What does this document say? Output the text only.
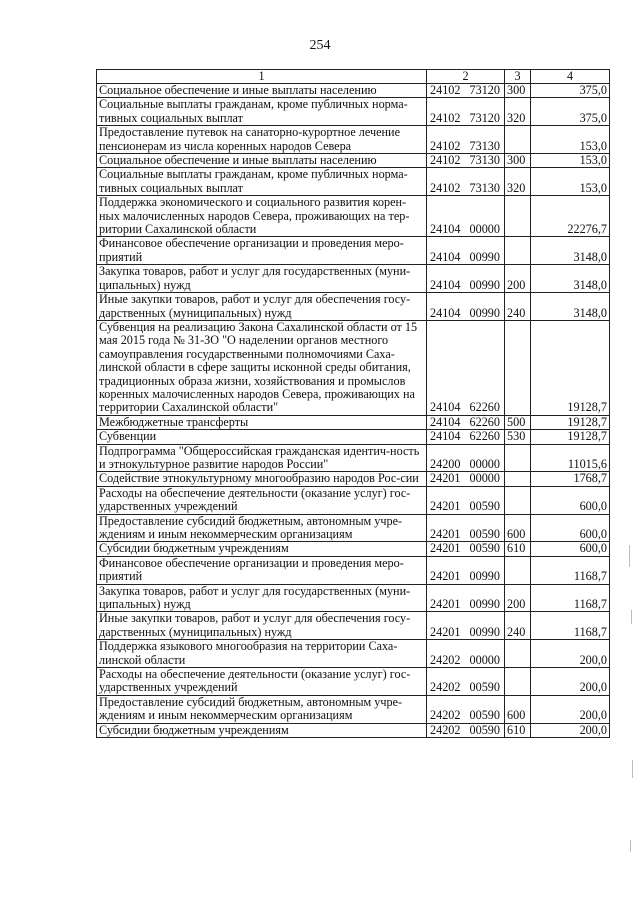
254
1	2	3	4
Социальное обеспечение и иные выплаты населению	24102 73120	300	375,0
Социальные выплаты гражданам, кроме публичных норма-тивных социальных выплат	24102 73120	320	375,0
Предоставление путевок на санаторно-курортное лечение пенсионерам из числа коренных народов Севера	24102 73130		153,0
Социальное обеспечение и иные выплаты населению	24102 73130	300	153,0
Социальные выплаты гражданам, кроме публичных норма-тивных социальных выплат	24102 73130	320	153,0
Поддержка экономического и социального развития корен-ных малочисленных народов Севера, проживающих на тер-ритории Сахалинской области	24104 00000		22276,7
Финансовое обеспечение организации и проведения меро-приятий	24104 00990		3148,0
Закупка товаров, работ и услуг для государственных (муни-ципальных) нужд	24104 00990	200	3148,0
Иные закупки товаров, работ и услуг для обеспечения госу-дарственных (муниципальных) нужд	24104 00990	240	3148,0
Субвенция на реализацию Закона Сахалинской области от 15 мая 2015 года № 31-ЗО "О наделении органов местного самоуправления государственными полномочиями Саха-линской области в сфере защиты исконной среды обитания, традиционных образа жизни, хозяйствования и промыслов коренных малочисленных народов Севера, проживающих на территории Сахалинской области"	24104 62260		19128,7
Межбюджетные трансферты	24104 62260	500	19128,7
Субвенции	24104 62260	530	19128,7
Подпрограмма "Общероссийская гражданская идентич-ность и этнокультурное развитие народов России"	24200 00000		11015,6
Содействие этнокультурному многообразию народов Рос-сии	24201 00000		1768,7
Расходы на обеспечение деятельности (оказание услуг) гос-ударственных учреждений	24201 00590		600,0
Предоставление субсидий бюджетным, автономным учре-ждениям и иным некоммерческим организациям	24201 00590	600	600,0
Субсидии бюджетным учреждениям	24201 00590	610	600,0
Финансовое обеспечение организации и проведения меро-приятий	24201 00990		1168,7
Закупка товаров, работ и услуг для государственных (муни-ципальных) нужд	24201 00990	200	1168,7
Иные закупки товаров, работ и услуг для обеспечения госу-дарственных (муниципальных) нужд	24201 00990	240	1168,7
Поддержка языкового многообразия на территории Саха-линской области	24202 00000		200,0
Расходы на обеспечение деятельности (оказание услуг) гос-ударственных учреждений	24202 00590		200,0
Предоставление субсидий бюджетным, автономным учре-ждениям и иным некоммерческим организациям	24202 00590	600	200,0
Субсидии бюджетным учреждениям	24202 00590	610	200,0
